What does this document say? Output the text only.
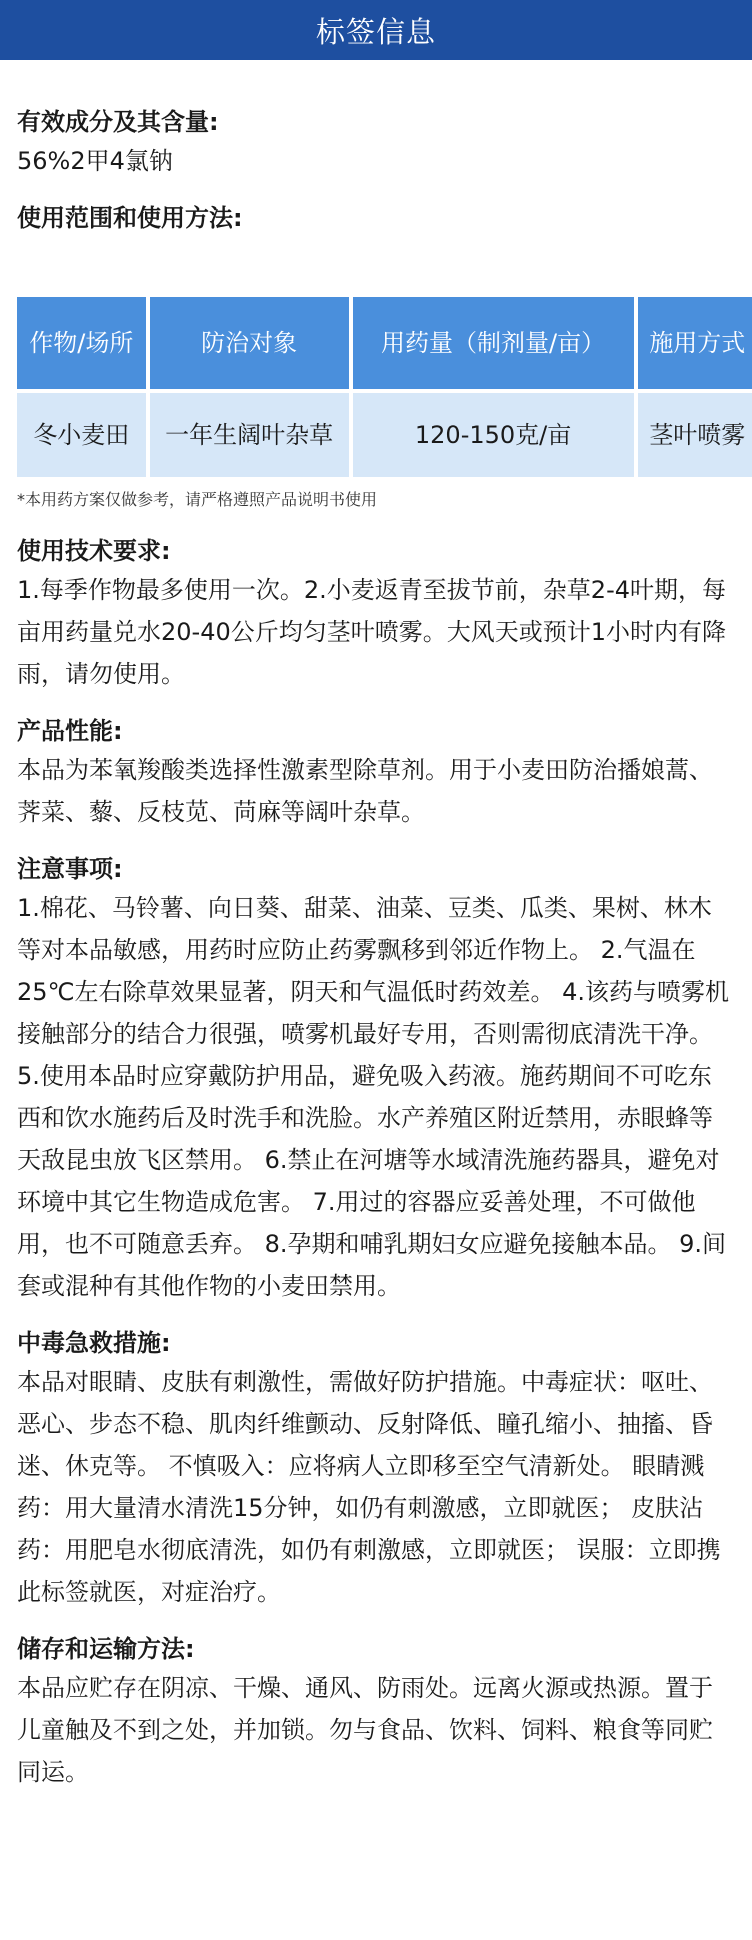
标签信息

有效成分及其含量:

56%2甲4氯钠

使用范围和使用方法:

作物/场所	防治对象	用药量（制剂量/亩）	施用方式
冬小麦田	一年生阔叶杂草	120-150克/亩	茎叶喷雾

*本用药方案仅做参考，请严格遵照产品说明书使用

使用技术要求:

1.每季作物最多使用一次。2.小麦返青至拔节前，杂草2-4叶期，每亩用药量兑水20-40公斤均匀茎叶喷雾。大风天或预计1小时内有降雨，请勿使用。

产品性能:

本品为苯氧羧酸类选择性激素型除草剂。用于小麦田防治播娘蒿、荠菜、藜、反枝苋、苘麻等阔叶杂草。

注意事项:

1.棉花、马铃薯、向日葵、甜菜、油菜、豆类、瓜类、果树、林木等对本品敏感，用药时应防止药雾飘移到邻近作物上。 2.气温在25℃左右除草效果显著，阴天和气温低时药效差。 4.该药与喷雾机接触部分的结合力很强，喷雾机最好专用，否则需彻底清洗干净。 5.使用本品时应穿戴防护用品，避免吸入药液。施药期间不可吃东西和饮水施药后及时洗手和洗脸。水产养殖区附近禁用，赤眼蜂等天敌昆虫放飞区禁用。 6.禁止在河塘等水域清洗施药器具，避免对环境中其它生物造成危害。 7.用过的容器应妥善处理，不可做他用，也不可随意丢弃。 8.孕期和哺乳期妇女应避免接触本品。 9.间套或混种有其他作物的小麦田禁用。

中毒急救措施:

本品对眼睛、皮肤有刺激性，需做好防护措施。中毒症状：呕吐、恶心、步态不稳、肌肉纤维颤动、反射降低、瞳孔缩小、抽搐、昏迷、休克等。 不慎吸入：应将病人立即移至空气清新处。 眼睛溅药：用大量清水清洗15分钟，如仍有刺激感，立即就医； 皮肤沾药：用肥皂水彻底清洗，如仍有刺激感，立即就医； 误服：立即携此标签就医，对症治疗。

储存和运输方法:

本品应贮存在阴凉、干燥、通风、防雨处。远离火源或热源。置于儿童触及不到之处，并加锁。勿与食品、饮料、饲料、粮食等同贮同运。
